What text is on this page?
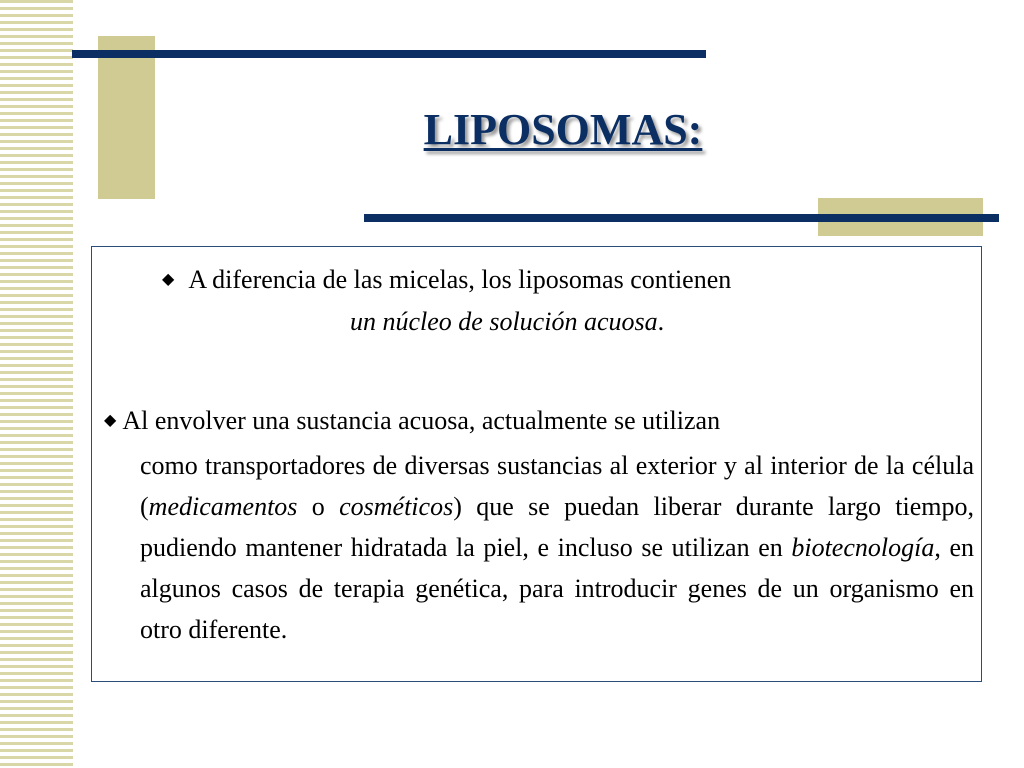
LIPOSOMAS:
◆ A diferencia de las micelas, los liposomas contienen
un núcleo de solución acuosa.
◆ Al envolver una sustancia acuosa, actualmente se utilizan
como transportadores de diversas sustancias al exterior y al interior de la célula (medicamentos o cosméticos) que se puedan liberar durante largo tiempo, pudiendo mantener hidratada la piel, e incluso se utilizan en biotecnología, en algunos casos de terapia genética, para introducir genes de un organismo en otro diferente.
